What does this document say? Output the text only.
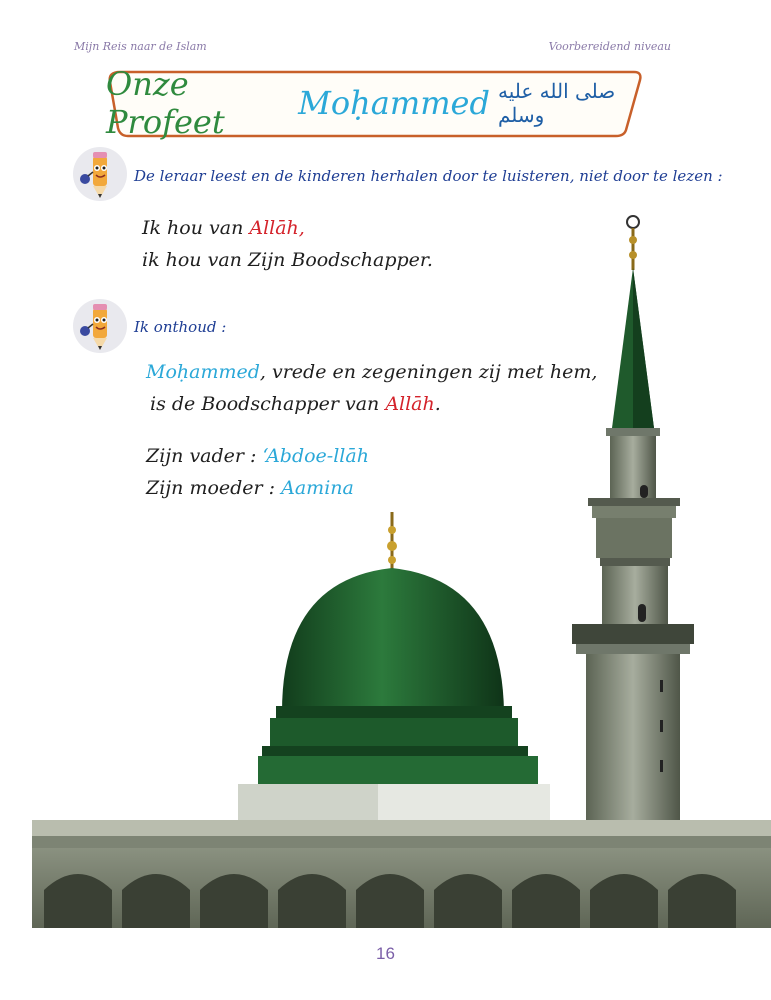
Mijn Reis naar de Islam	Voorbereidend niveau
Onze Profeet	Moḥammed صلى الله عليه وسلم
De leraar leest en de kinderen herhalen door te luisteren, niet door te lezen :
Ik hou van Allāh,
ik hou van Zijn Boodschapper.
Ik onthoud :
Moḥammed, vrede en zegeningen zij met hem,
is de Boodschapper van Allāh.
Zijn vader : ‘Abdoe-llāh
Zijn moeder : Aamina
16
